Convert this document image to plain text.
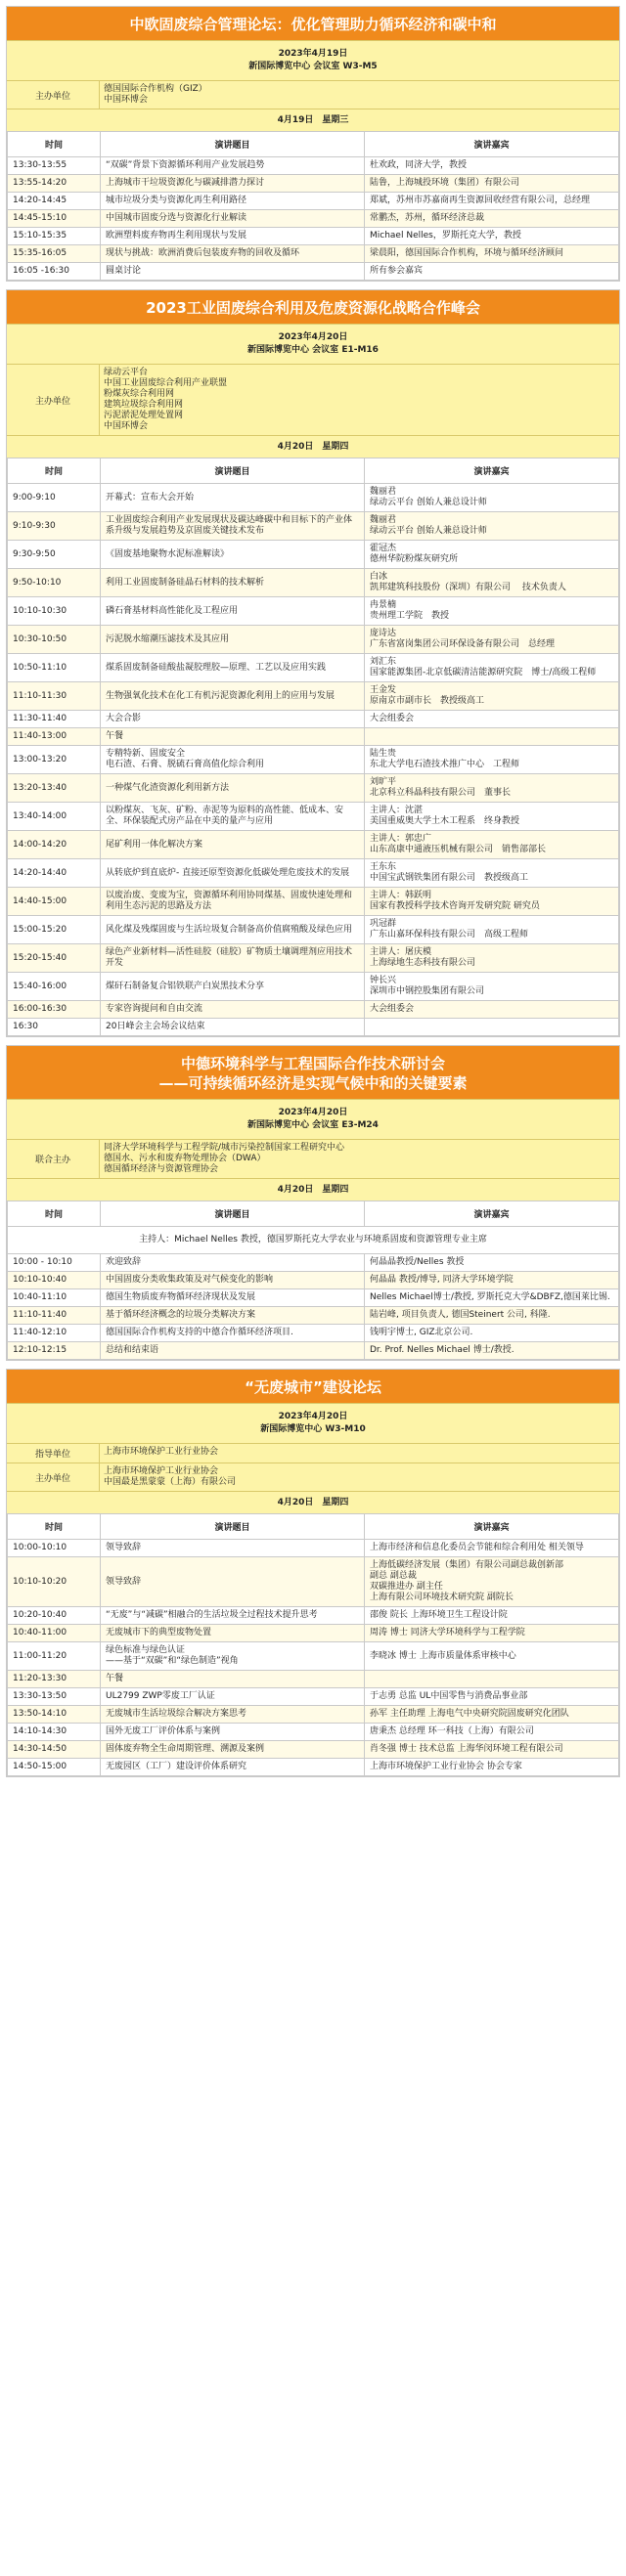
中欧固废综合管理论坛：优化管理助力循环经济和碳中和
2023年4月19日
新国际博览中心 会议室 W3-M5
主办单位
德国国际合作机构（GIZ）
中国环博会
4月19日　星期三
时间	演讲题目	演讲嘉宾
13:30-13:55	“双碳”背景下资源循环利用产业发展趋势	杜欢政，同济大学，教授
13:55-14:20	上海城市干垃圾资源化与碳减排潜力探讨	陆鲁，上海城投环境（集团）有限公司
14:20-14:45	城市垃圾分类与资源化再生利用路径	郑斌，苏州市苏嘉商再生资源回收经营有限公司，总经理
14:45-15:10	中国城市固废分选与资源化行业解读	常鹏杰，苏州，循环经济总裁
15:10-15:35	欧洲塑料废弃物再生利用现状与发展	Michael Nelles，罗斯托克大学，教授
15:35-16:05	现状与挑战：欧洲消费后包装废弃物的回收及循环	梁晨阳，德国国际合作机构，环境与循环经济顾问
16:05 -16:30	圆桌讨论	所有参会嘉宾
2023工业固废综合利用及危废资源化战略合作峰会
2023年4月20日
新国际博览中心 会议室 E1-M16
主办单位
绿动云平台
中国工业固废综合利用产业联盟
粉煤灰综合利用网
建筑垃圾综合利用网
污泥淤泥处理处置网
中国环博会
4月20日　星期四
时间	演讲题目	演讲嘉宾
9:00-9:10	开幕式：宣布大会开始	魏丽君
绿动云平台 创始人兼总设计师
9:10-9:30	工业固废综合利用产业发展现状及碳达峰碳中和目标下的产业体系升级与发展趋势及京固废关键技术发布	魏丽君
绿动云平台 创始人兼总设计师
9:30-9:50	《固废基地聚物水泥标准解读》	霍冠杰
德州华院粉煤灰研究所
9:50-10:10	利用工业固废制备硅晶石材料的技术解析	白冰
凯邦建筑科技股份（深圳）有限公司　 技术负责人
10:10-10:30	磷石膏基材料高性能化及工程应用	冉景楠
贵州理工学院　教授
10:30-10:50	污泥脱水缩潮压滤技术及其应用	庞诗达
广东省富岗集团公司环保设备有限公司　总经理
10:50-11:10	煤系固废制备硅酸盐凝胶理胶—原理、工艺以及应用实践	刘汇东
国家能源集团-北京低碳清洁能源研究院　博士/高级工程师
11:10-11:30	生物强氧化技术在化工有机污泥资源化利用上的应用与发展	王金发
原南京市副市长　教授级高工
11:30-11:40	大会合影	大会组委会
11:40-13:00	午餐	
13:00-13:20	专精特新、固废安全
电石渣、石膏、脱硫石膏高值化综合利用	陆生贵
东北大学电石渣技术推广中心　工程师
13:20-13:40	一种煤气化渣资源化利用新方法	刘旷平
北京科立科晶科技有限公司　董事长
13:40-14:00	以粉煤灰、飞灰、矿粉、赤泥等为原料的高性能、低成本、安全、环保装配式房产品在中美的量产与应用	主讲人：沈湛
美国重威奥大学土木工程系　终身教授
14:00-14:20	尾矿利用一体化解决方案	主讲人：郭忠广
山东高康中通液压机械有限公司　销售部部长
14:20-14:40	从转底炉到直底炉- 直接还原型资源化低碳处理危废技术的发展	王东东
中国宝武钢铁集团有限公司　教授级高工
14:40-15:00	以废治废、变废为宝，资源循环利用协同煤基、固废快速处理和利用生态污泥的思路及方法	主讲人：韩跃明
国家有教授科学技术咨询开发研究院 研究员
15:00-15:20	风化煤及残煤固废与生活垃圾复合制备高价值腐殖酸及绿色应用	巩冠群
广东山嘉环保科技有限公司　高级工程师
15:20-15:40	绿色产业新材料—活性硅胶（硅胶）矿物质土壤调理剂应用技术开发	主讲人：屠庆模
上海绿地生态科技有限公司
15:40-16:00	煤矸石制备复合铝铁联产白炭黑技术分享	钟长兴
深圳市中钢控股集团有限公司
16:00-16:30	专家咨询提问和自由交流	大会组委会
16:30	20日峰会主会场会议结束	
中德环境科学与工程国际合作技术研讨会
——可持续循环经济是实现气候中和的关键要素
2023年4月20日
新国际博览中心 会议室 E3-M24
联合主办
同济大学环境科学与工程学院/城市污染控制国家工程研究中心
德国水、污水和废弃物处理协会（DWA）
德国循环经济与资源管理协会
4月20日　星期四
时间	演讲题目	演讲嘉宾
主持人：Michael Nelles 教授，德国罗斯托克大学农业与环境系固废和资源管理专业主席		
10:00 - 10:10	欢迎致辞	何晶晶教授/Nelles 教授
10:10-10:40	中国固废分类收集政策及对气候变化的影响	何晶晶 教授/博导, 同济大学环境学院
10:40-11:10	德国生物质废弃物循环经济现状及发展	Nelles Michael博士/教授, 罗斯托克大学&DBFZ,德国莱比锡.
11:10-11:40	基于循环经济概念的垃圾分类解决方案	陆岩峰, 项目负责人, 德国Steinert 公司, 科隆.
11:40-12:10	德国国际合作机构支持的中德合作循环经济项目.	钱明宇博士, GIZ北京公司.
12:10-12:15	总结和结束语	Dr. Prof. Nelles Michael 博士/教授.
“无废城市”建设论坛
2023年4月20日
新国际博览中心 W3-M10
指导单位	上海市环境保护工业行业协会
主办单位
上海市环境保护工业行业协会
中国最是黑蒙蒙（上海）有限公司
4月20日　星期四
时间	演讲题目	演讲嘉宾
10:00-10:10	领导致辞	上海市经济和信息化委员会节能和综合利用处 相关领导
10:10-10:20	领导致辞	上海低碳经济发展（集团）有限公司副总裁创新部
副总 副总裁
双碳推进办 副主任
上海有限公司环境技术研究院 副院长
10:20-10:40	“无废”与“减碳”相融合的生活垃圾全过程技术提升思考	邵俊 院长 上海环境卫生工程设计院
10:40-11:00	无废城市下的典型废物处置	周涛 博士 同济大学环境科学与工程学院
11:00-11:20	绿色标准与绿色认证
——基于“双碳”和“绿色制造”视角	李晓冰 博士 上海市质量体系审核中心
11:20-13:30	午餐	
13:30-13:50	UL2799 ZWP零废工厂认证	于志勇 总监 UL中国零售与消费品事业部
13:50-14:10	无废城市生活垃圾综合解决方案思考	孙军 主任助理 上海电气中央研究院固废研究化团队
14:10-14:30	国外无废工厂评价体系与案例	唐秉杰 总经理 环一科技（上海）有限公司
14:30-14:50	固体废弃物全生命周期管理、溯源及案例	肖冬强 博士 技术总监 上海华闵环境工程有限公司
14:50-15:00	无废园区（工厂）建设评价体系研究	上海市环境保护工业行业协会 协会专家
